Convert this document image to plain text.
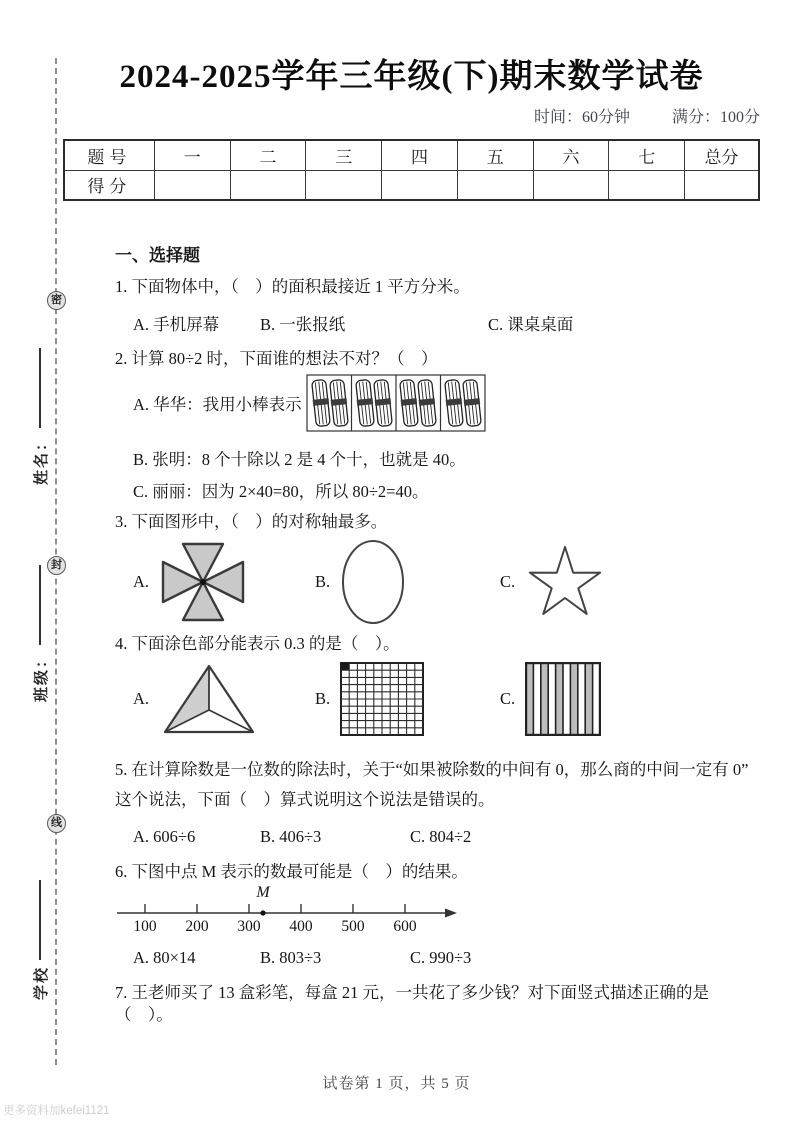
密
封
线
姓名：
班级：
学校
2024-2025学年三年级(下)期末数学试卷
时间：60分钟	满分：100分
题号	一	二	三	四	五	六	七	总分
得分								
一、选择题
1. 下面物体中，（　）的面积最接近 1 平方分米。
A. 手机屏幕	B. 一张报纸	C. 课桌桌面
2. 计算 80÷2 时，下面谁的想法不对？（　）
A. 华华：我用小棒表示
B. 张明：8 个十除以 2 是 4 个十，也就是 40。
C. 丽丽：因为 2×40=80，所以 80÷2=40。
3. 下面图形中，（　）的对称轴最多。
A.	B.	C.
4. 下面涂色部分能表示 0.3 的是（　）。
A.	B.	C.
5. 在计算除数是一位数的除法时，关于“如果被除数的中间有 0，那么商的中间一定有 0”
这个说法，下面（　）算式说明这个说法是错误的。
A. 606÷6	B. 406÷3	C. 804÷2
6. 下图中点 M 表示的数最可能是（　）的结果。
100 200 300 400 500 600
M
A. 80×14	B. 803÷3	C. 990÷3
7. 王老师买了 13 盒彩笔，每盒 21 元，一共花了多少钱？对下面竖式描述正确的是（　）。
试卷第 1 页，共 5 页
更多资料加kefei1121
